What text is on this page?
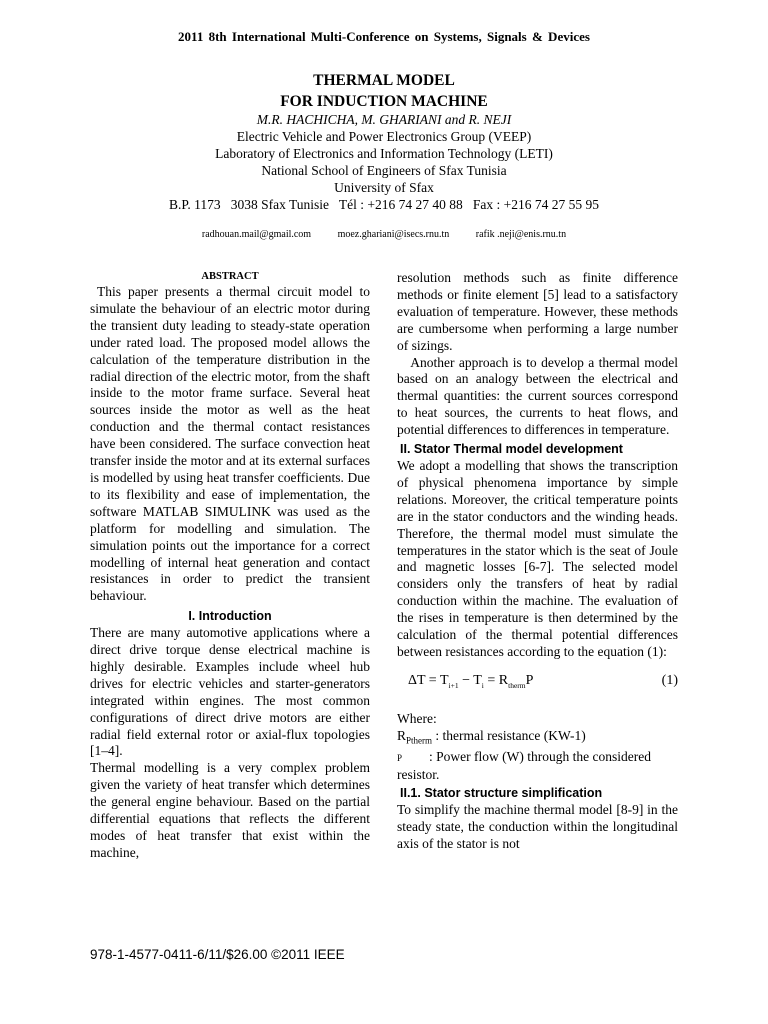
2011 8th International Multi-Conference on Systems, Signals & Devices
THERMAL MODEL
FOR INDUCTION MACHINE
M.R. HACHICHA, M. GHARIANI and R. NEJI
Electric Vehicle and Power Electronics Group (VEEP)
Laboratory of Electronics and Information Technology (LETI)
National School of Engineers of Sfax Tunisia
University of Sfax
B.P. 1173   3038 Sfax Tunisie   Tél : +216 74 27 40 88   Fax : +216 74 27 55 95
radhouan.mail@gmail.com	moez.ghariani@isecs.rnu.tn	rafik .neji@enis.rnu.tn
ABSTRACT

This paper presents a thermal circuit model to simulate the behaviour of an electric motor during the transient duty leading to steady-state operation under rated load. The proposed model allows the calculation of the temperature distribution in the radial direction of the electric motor, from the shaft inside to the motor frame surface. Several heat sources inside the motor as well as the heat conduction and the thermal contact resistances have been considered. The surface convection heat transfer inside the motor and at its external surfaces is modelled by using heat transfer coefficients. Due to its flexibility and ease of implementation, the software MATLAB SIMULINK was used as the platform for modelling and simulation. The simulation points out the importance for a correct modelling of internal heat generation and contact resistances in order to predict the transient behaviour.

I. Introduction

There are many automotive applications where a direct drive torque dense electrical machine is highly desirable. Examples include wheel hub drives for electric vehicles and starter-generators integrated within engines. The most common configurations of direct drive motors are either radial field external rotor or axial-flux topologies [1–4].

Thermal modelling is a very complex problem given the variety of heat transfer which determines the general engine behaviour. Based on the partial differential equations that reflects the different modes of heat transfer that exist within the machine,

resolution methods such as finite difference methods or finite element [5] lead to a satisfactory evaluation of temperature. However, these methods are cumbersome when performing a large number of sizings.

Another approach is to develop a thermal model based on an analogy between the electrical and thermal quantities: the current sources correspond to heat sources, the currents to heat flows, and potential differences to differences in temperature.

II. Stator Thermal model development

We adopt a modelling that shows the transcription of physical phenomena importance by simple relations. Moreover, the critical temperature points are in the stator conductors and the winding heads. Therefore, the thermal model must simulate the temperatures in the stator which is the seat of Joule and magnetic losses [6-7]. The selected model considers only the transfers of heat by radial conduction within the machine. The evaluation of the rises in temperature is then determined by the calculation of the thermal potential differences between resistances according to the equation (1):

$\Delta T = T_{i+1} - T_i = R_{therm}P$	(1)
Where:
$R_{Ptherm}$ : thermal resistance (KW-1)
P        : Power flow (W) through the considered resistor.
II.1. Stator structure simplification

To simplify the machine thermal model [8-9] in the steady state, the conduction within the longitudinal axis of the stator is not

978-1-4577-0411-6/11/$26.00 ©2011 IEEE
